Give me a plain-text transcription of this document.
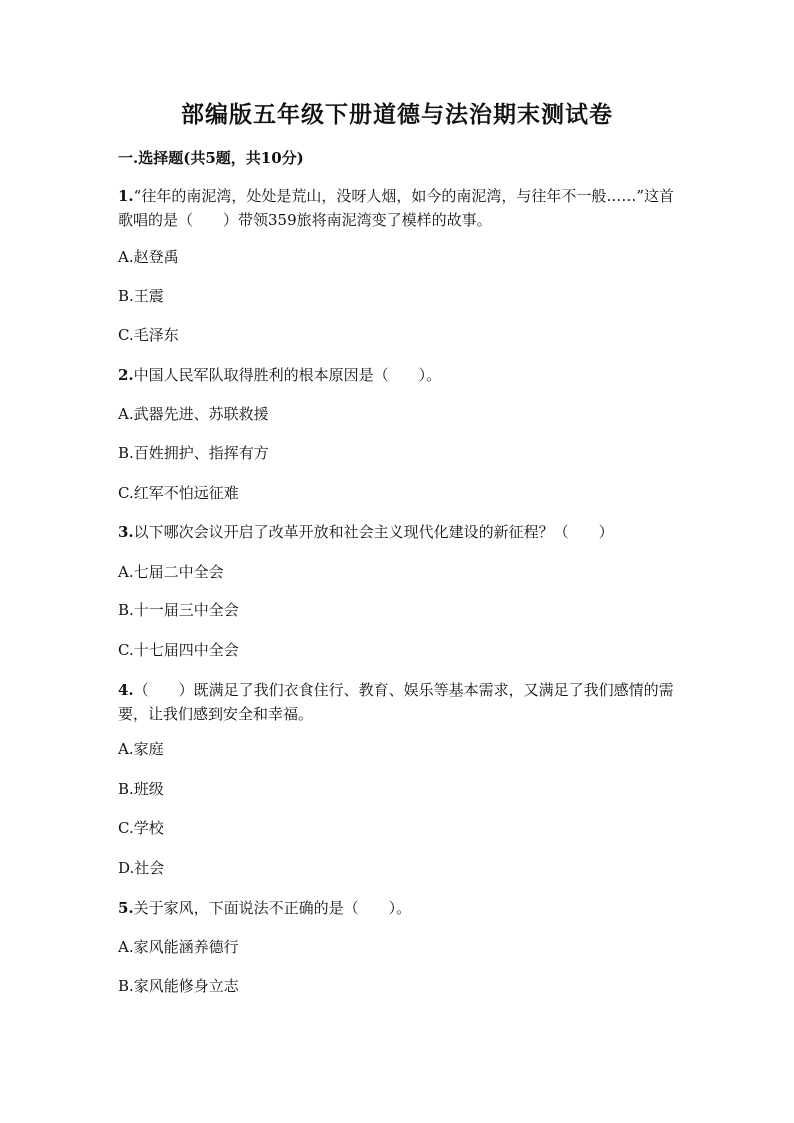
部编版五年级下册道德与法治期末测试卷
一.选择题(共5题，共10分)
1.“往年的南泥湾，处处是荒山，没呀人烟，如今的南泥湾，与往年不一般……”这首歌唱的是（　　）带领359旅将南泥湾变了模样的故事。
A.赵登禹
B.王震
C.毛泽东
2.中国人民军队取得胜利的根本原因是（　　）。
A.武器先进、苏联救援
B.百姓拥护、指挥有方
C.红军不怕远征难
3.以下哪次会议开启了改革开放和社会主义现代化建设的新征程？（　　）
A.七届二中全会
B.十一届三中全会
C.十七届四中全会
4.（　　）既满足了我们衣食住行、教育、娱乐等基本需求，又满足了我们感情的需要，让我们感到安全和幸福。
A.家庭
B.班级
C.学校
D.社会
5.关于家风，下面说法不正确的是（　　）。
A.家风能涵养德行
B.家风能修身立志
